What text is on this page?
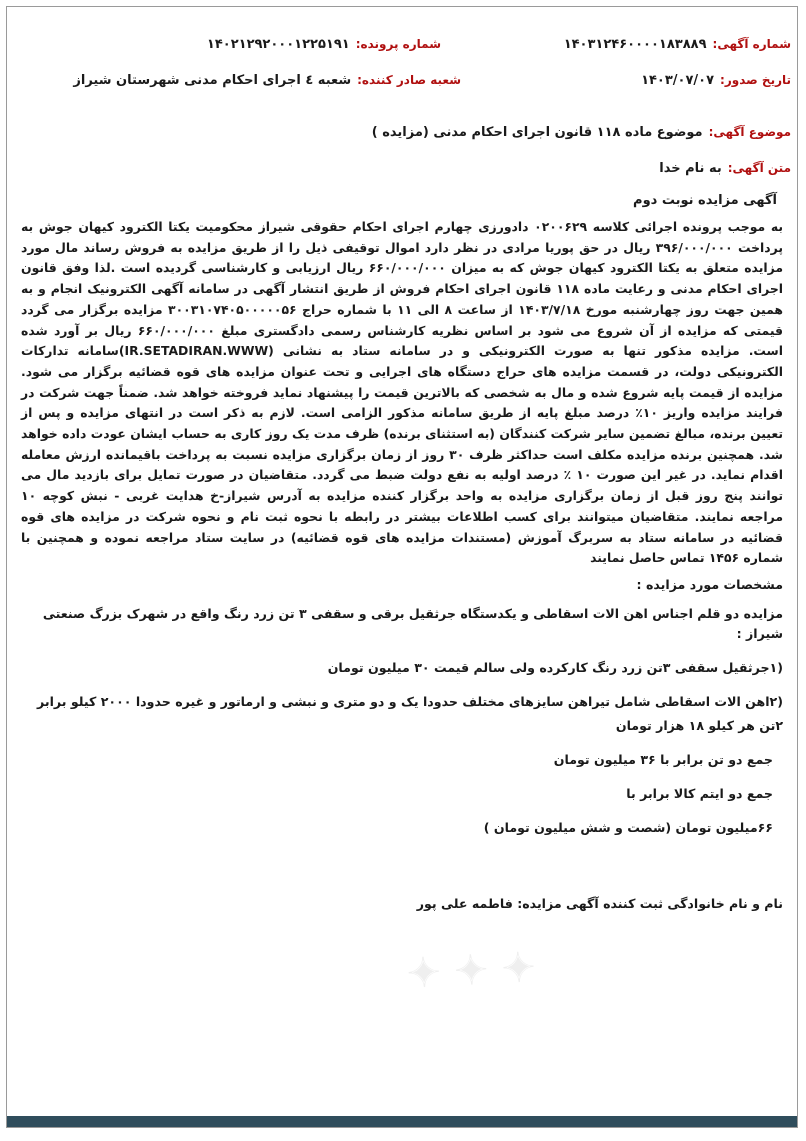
✦ ✦ ✦
شماره آگهی:
۱۴۰۳۱۲۴۶۰۰۰۰۱۸۳۸۸۹
شماره پرونده:
۱۴۰۲۱۲۹۲۰۰۰۱۲۲۵۱۹۱
تاریخ صدور:
۱۴۰۳/۰۷/۰۷
شعبه صادر کننده:
شعبه ٤ اجرای احکام مدنی شهرستان شیراز
موضوع آگهی:
موضوع ماده ۱۱۸ قانون اجرای احکام مدنی (مزایده )
متن آگهی:
به نام خدا
آگهی مزایده نوبت دوم

به موجب پرونده اجرائی کلاسه ۰۲۰۰۶۲۹ دادورزی چهارم اجرای احکام حقوقی شیراز محکومیت یکتا الکترود کیهان جوش به پرداخت ۳۹۶/۰۰۰/۰۰۰ ریال در حق پوریا مرادی در نظر دارد اموال توقیفی ذیل را از طریق مزایده به فروش رساند مال مورد مزایده متعلق به یکتا الکترود کیهان جوش که به میزان ۶۶۰/۰۰۰/۰۰۰ ریال ارزیابی و کارشناسی گردیده است .لذا وفق قانون اجرای احکام مدنی و رعایت ماده ۱۱۸ قانون اجرای احکام فروش از طریق انتشار آگهی در سامانه آگهی الکترونیک انجام و به همین جهت روز چهارشنبه مورخ ۱۴۰۳/۷/۱۸ از ساعت ۸ الی ۱۱ با شماره حراج ۳۰۰۳۱۰۷۴۰۵۰۰۰۰۰۵۶ مزایده برگزار می گردد قیمتی که مزایده از آن شروع می شود بر اساس نظریه کارشناس رسمی دادگستری مبلغ ۶۶۰/۰۰۰/۰۰۰ ریال بر آورد شده است. مزایده مذکور تنها به صورت الکترونیکی و در سامانه ستاد به نشانی (IR.SETADIRAN.WWW)سامانه تدارکات الکترونیکی دولت، در قسمت مزایده های حراج دستگاه های اجرایی و تحت عنوان مزایده های قوه قضائیه برگزار می شود. مزایده از قیمت پایه شروع شده و مال به شخصی که بالاترین قیمت را پیشنهاد نماید فروخته خواهد شد. ضمناً جهت شرکت در فرایند مزایده واریز ۱۰٪ درصد مبلغ پایه از طریق سامانه مذکور الزامی است. لازم به ذکر است در انتهای مزایده و پس از تعیین برنده، مبالغ تضمین سایر شرکت کنندگان (به استثنای برنده) ظرف مدت یک روز کاری به حساب ایشان عودت داده خواهد شد. همچنین برنده مزایده مکلف است حداکثر ظرف ۳۰ روز از زمان برگزاری مزایده نسبت به پرداخت باقیمانده ارزش معامله اقدام نماید. در غیر این صورت ۱۰ ٪ درصد اولیه به نفع دولت ضبط می گردد. متقاضیان در صورت تمایل برای بازدید مال می توانند پنج روز قبل از زمان برگزاری مزایده به واحد برگزار کننده مزایده به آدرس شیراز-خ هدایت غربی - نبش کوچه ۱۰ مراجعه نمایند. متقاضیان میتوانند برای کسب اطلاعات بیشتر در رابطه با نحوه ثبت نام و نحوه شرکت در مزایده های قوه قضائیه در سامانه ستاد به سربرگ آموزش (مستندات مزایده های قوه قضائیه) در سایت ستاد مراجعه نموده و همچنین با شماره ۱۴۵۶ تماس حاصل نمایند

مشخصات مورد مزایده :

مزایده دو قلم اجناس اهن الات اسقاطی و یکدستگاه جرثقیل برقی و سقفی ۳ تن زرد رنگ واقع در شهرک بزرگ صنعتی شیراز :

(۱جرثقیل سقفی ۳تن زرد رنگ کارکرده ولی سالم قیمت ۳۰ میلیون تومان

(۲اهن الات اسقاطی شامل تیراهن سایزهای مختلف حدودا یک و دو متری و نبشی و ارماتور و غیره حدودا ۲۰۰۰ کیلو برابر ۲تن هر کیلو ۱۸ هزار تومان

جمع دو تن برابر با ۳۶ میلیون تومان

جمع دو ایتم کالا برابر با

۶۶میلیون تومان (شصت و شش میلیون تومان )

نام و نام خانوادگی ثبت کننده آگهی مزایده: فاطمه علی پور
